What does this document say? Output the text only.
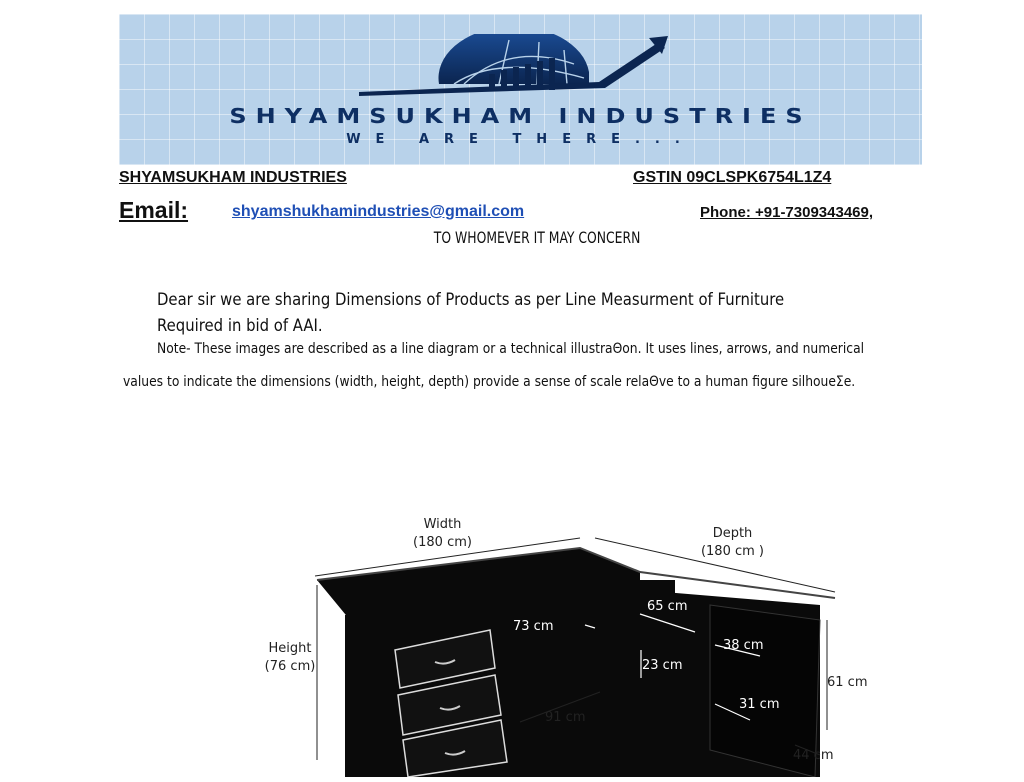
SHYAMSUKHAM INDUSTRIES
WE ARE THERE...
SHYAMSUKHAM INDUSTRIES	GSTIN 09CLSPK6754L1Z4
Email:	shyamshukhamindustries@gmail.com	Phone: +91-7309343469,
TO WHOMEVER IT MAY CONCERN
Dear sir we are sharing Dimensions of Products as per Line Measurment of Furniture
Required in bid of AAI.
Note- These images are described as a line diagram or a technical illustraΘon. It uses lines, arrows, and numerical
values to indicate the dimensions (width, height, depth) provide a sense of scale relaΘve to a human figure silhoueΣe.
Width
(180 cm)
Depth
(180 cm )
Height
(76 cm)
73 cm
65 cm
38 cm
23 cm
61 cm
31 cm
91 cm
44 cm
